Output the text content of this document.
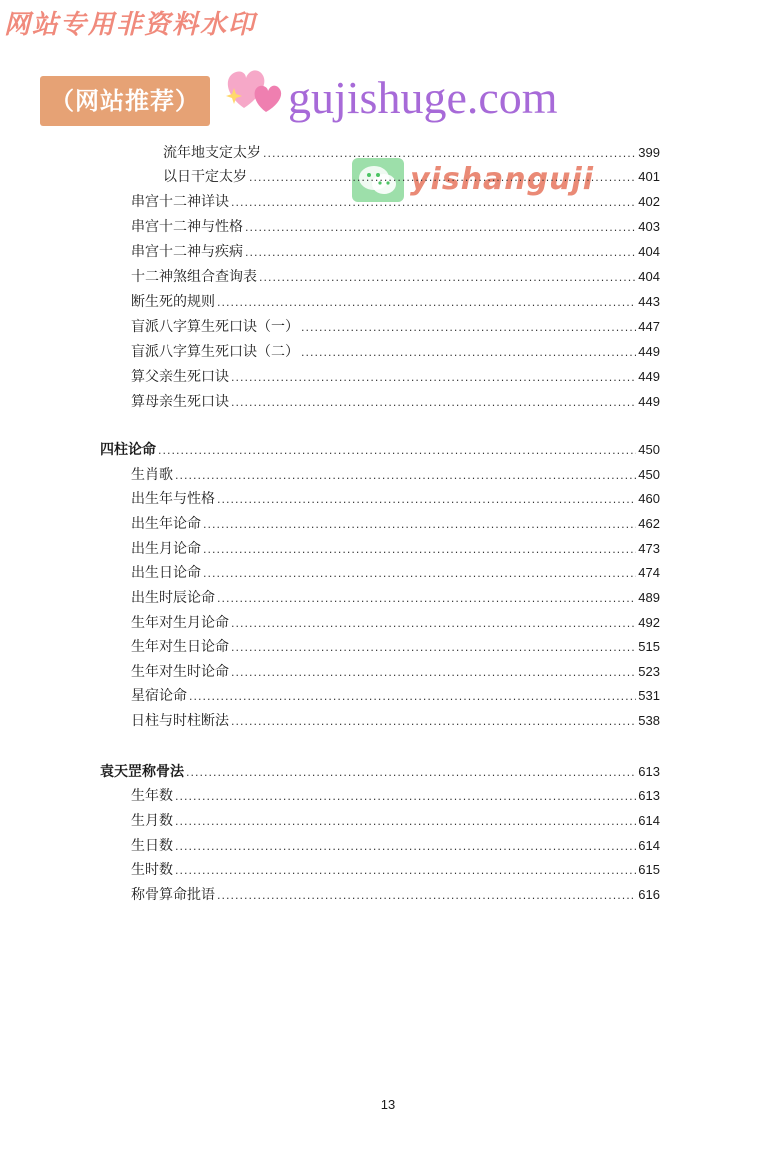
网站专用非资料水印
（网站推荐） gujishuge.com
yishanguji
流年地支定太岁 .....	399
以日干定太岁 .....	401
串宫十二神详诀 .....	402
串宫十二神与性格 .....	403
串宫十二神与疾病 .....	404
十二神煞组合查询表 .....	404
断生死的规则 .....	443
盲派八字算生死口诀（一） .....	447
盲派八字算生死口诀（二） .....	449
算父亲生死口诀 .....	449
算母亲生死口诀 .....	449
四柱论命 .....	450
生肖歌 .....	450
出生年与性格 .....	460
出生年论命 .....	462
出生月论命 .....	473
出生日论命 .....	474
出生时辰论命 .....	489
生年对生月论命 .....	492
生年对生日论命 .....	515
生年对生时论命 .....	523
星宿论命 .....	531
日柱与时柱断法 .....	538
袁天罡称骨法 .....	613
生年数 .....	613
生月数 .....	614
生日数 .....	614
生时数 .....	615
称骨算命批语 .....	616
13
